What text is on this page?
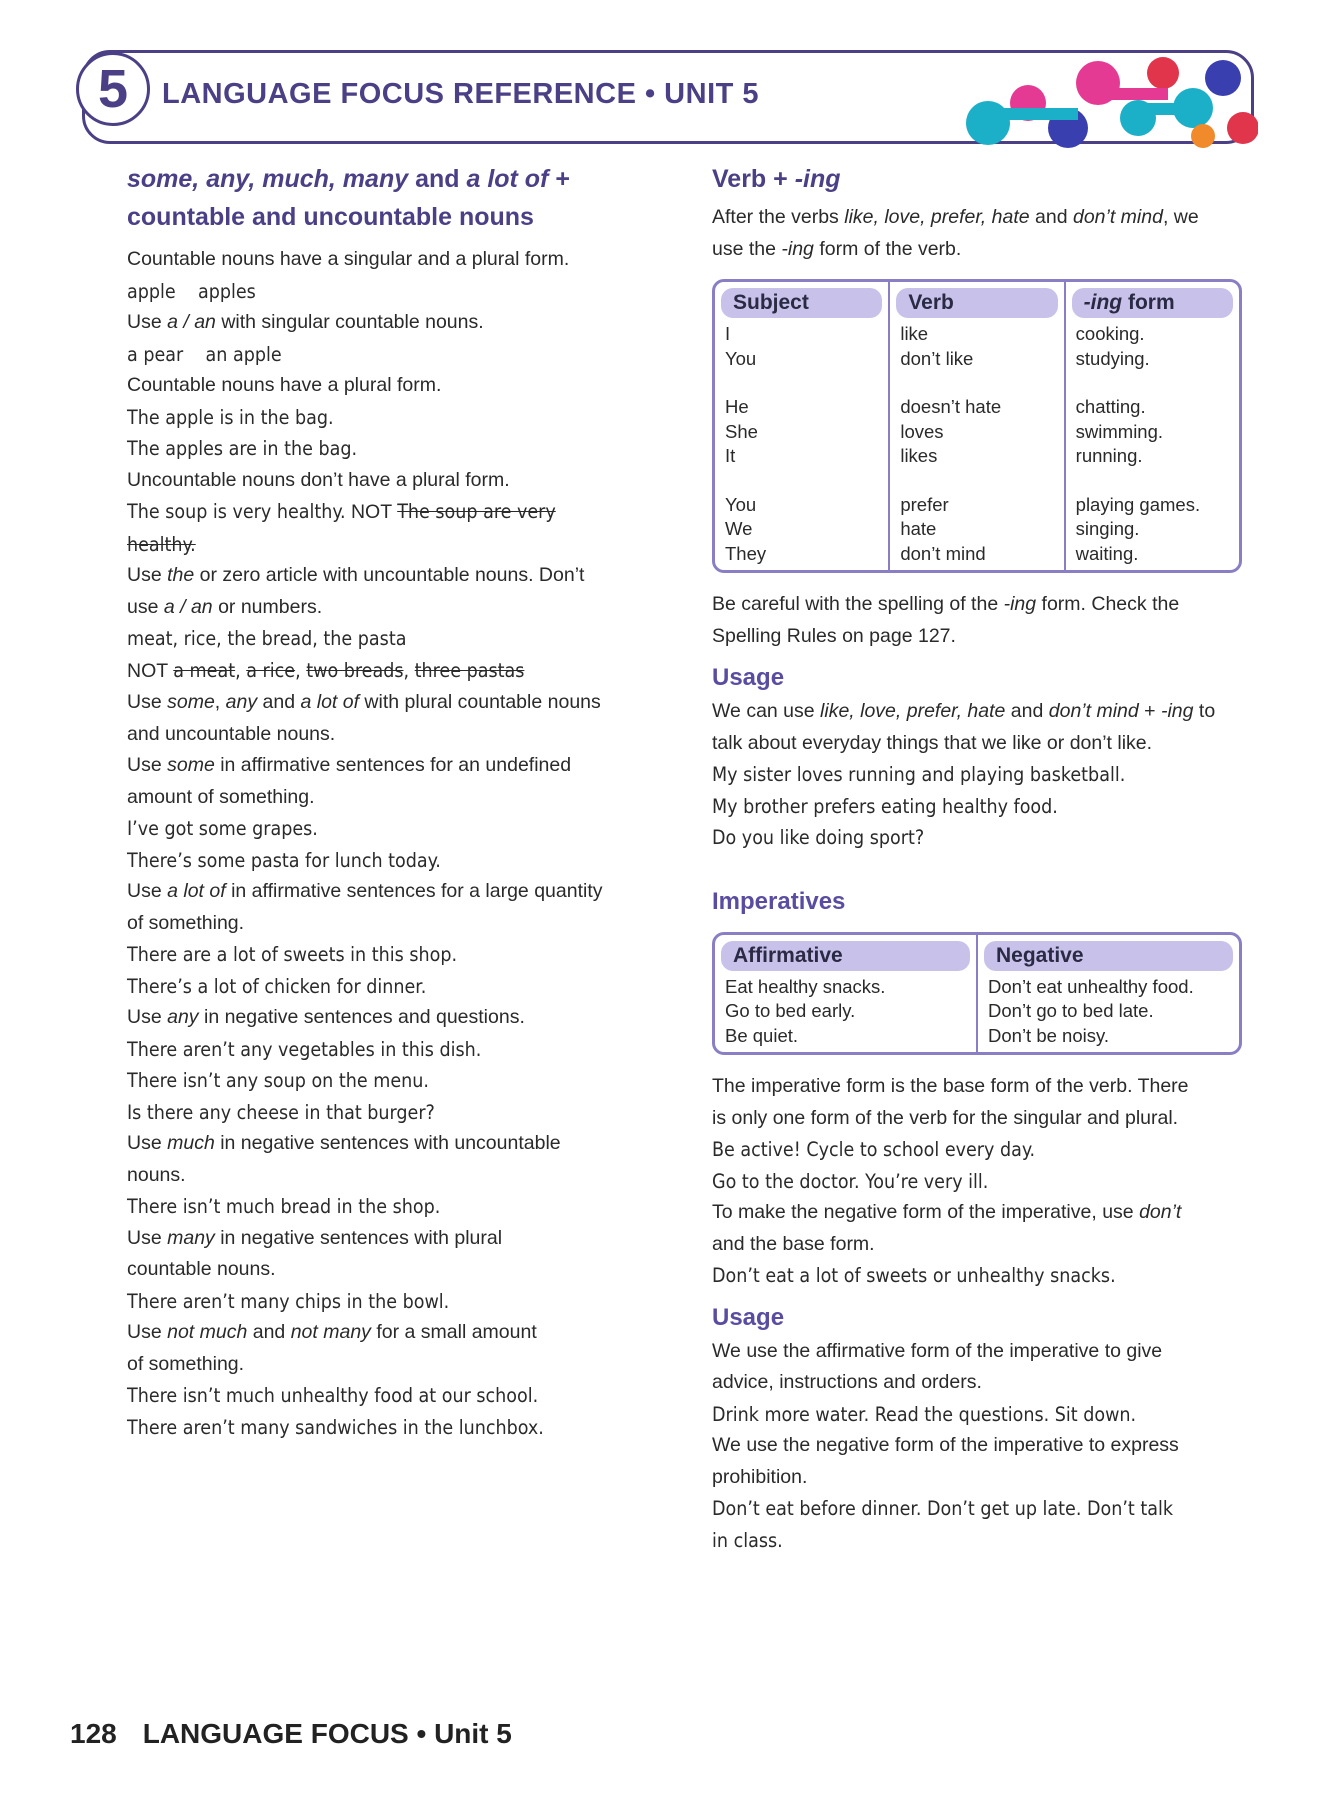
5 LANGUAGE FOCUS REFERENCE • UNIT 5
some, any, much, many and a lot of +
countable and uncountable nouns

Countable nouns have a singular and a plural form.

apple apples

Use a / an with singular countable nouns.

a pear an apple

Countable nouns have a plural form.

The apple is in the bag.

The apples are in the bag.

Uncountable nouns don’t have a plural form.

The soup is very healthy. NOT The soup are very

healthy.

Use the or zero article with uncountable nouns. Don’t

use a / an or numbers.

meat, rice, the bread, the pasta

NOT a meat, a rice, two breads, three pastas

Use some, any and a lot of with plural countable nouns

and uncountable nouns.

Use some in affirmative sentences for an undefined

amount of something.

I’ve got some grapes.

There’s some pasta for lunch today.

Use a lot of in affirmative sentences for a large quantity

of something.

There are a lot of sweets in this shop.

There’s a lot of chicken for dinner.

Use any in negative sentences and questions.

There aren’t any vegetables in this dish.

There isn’t any soup on the menu.

Is there any cheese in that burger?

Use much in negative sentences with uncountable

nouns.

There isn’t much bread in the shop.

Use many in negative sentences with plural

countable nouns.

There aren’t many chips in the bowl.

Use not much and not many for a small amount

of something.

There isn’t much unhealthy food at our school.

There aren’t many sandwiches in the lunchbox.

Verb + -ing

After the verbs like, love, prefer, hate and don’t mind, we

use the -ing form of the verb.

Subject
I
You
He
She
It
You
We
They
Verb
like
don’t like
doesn’t hate
loves
likes
prefer
hate
don’t mind
-ing form
cooking.
studying.
chatting.
swimming.
running.
playing games.
singing.
waiting.

Be careful with the spelling of the -ing form. Check the

Spelling Rules on page 127.

Usage

We can use like, love, prefer, hate and don’t mind + -ing to

talk about everyday things that we like or don’t like.

My sister loves running and playing basketball.

My brother prefers eating healthy food.

Do you like doing sport?

Imperatives
Affirmative
Eat healthy snacks.
Go to bed early.
Be quiet.
Negative
Don’t eat unhealthy food.
Don’t go to bed late.
Don’t be noisy.

The imperative form is the base form of the verb. There

is only one form of the verb for the singular and plural.

Be active! Cycle to school every day.

Go to the doctor. You’re very ill.

To make the negative form of the imperative, use don’t

and the base form.

Don’t eat a lot of sweets or unhealthy snacks.

Usage

We use the affirmative form of the imperative to give

advice, instructions and orders.

Drink more water. Read the questions. Sit down.

We use the negative form of the imperative to express

prohibition.

Don’t eat before dinner. Don’t get up late. Don’t talk

in class.

128 LANGUAGE FOCUS • Unit 5
